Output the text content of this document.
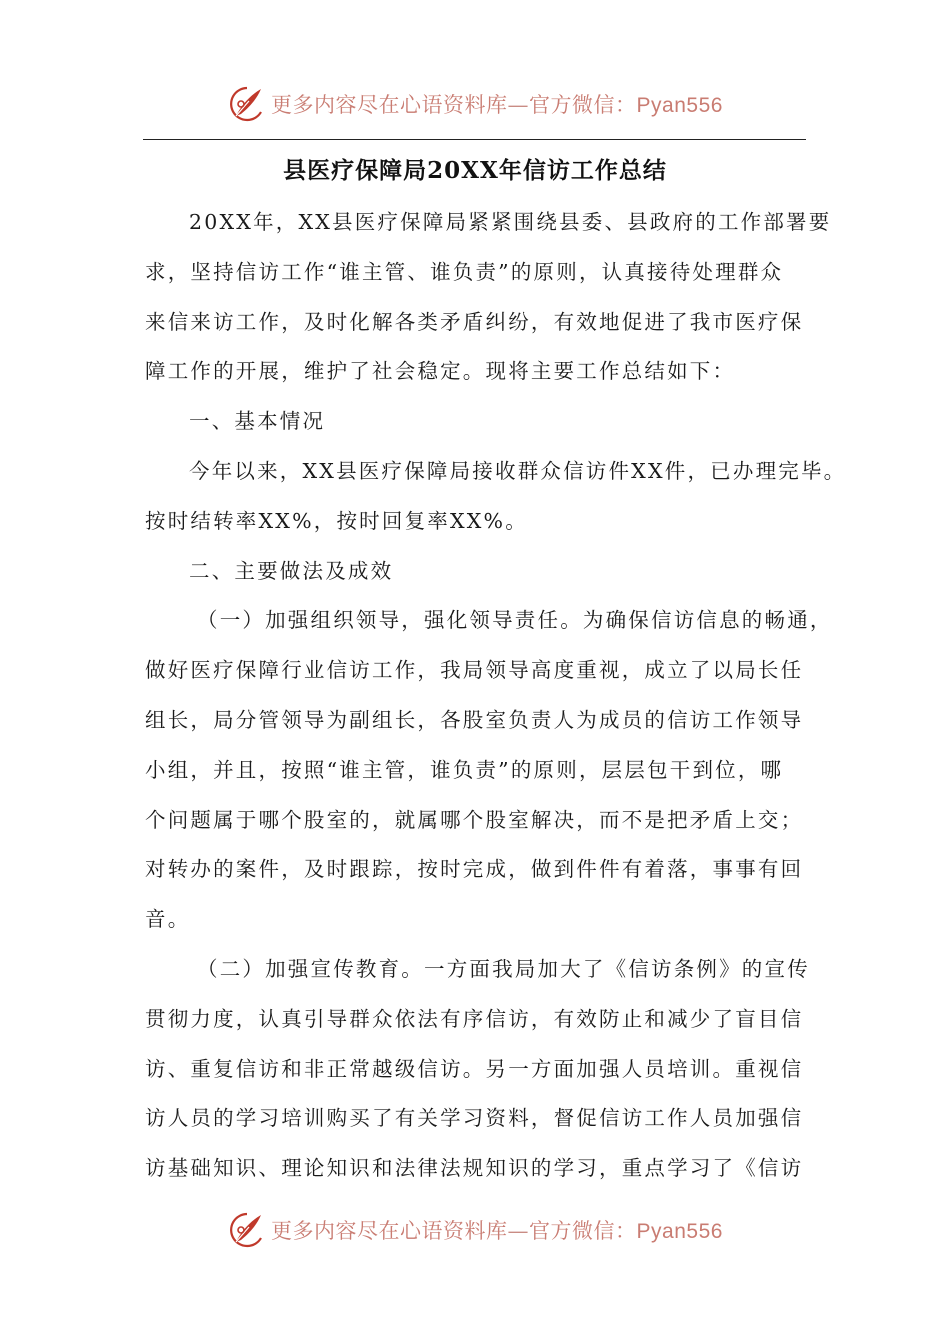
更多内容尽在心语资料库—官方微信：Pyan556
县医疗保障局20XX年信访工作总结
20XX年，XX县医疗保障局紧紧围绕县委、县政府的工作部署要
求，坚持信访工作“谁主管、谁负责”的原则，认真接待处理群众
来信来访工作，及时化解各类矛盾纠纷，有效地促进了我市医疗保
障工作的开展，维护了社会稳定。现将主要工作总结如下：
一、基本情况
今年以来，XX县医疗保障局接收群众信访件XX件，已办理完毕。
按时结转率XX%，按时回复率XX%。
二、主要做法及成效
（一）加强组织领导，强化领导责任。为确保信访信息的畅通，
做好医疗保障行业信访工作，我局领导高度重视，成立了以局长任
组长，局分管领导为副组长，各股室负责人为成员的信访工作领导
小组，并且，按照“谁主管，谁负责”的原则，层层包干到位，哪
个问题属于哪个股室的，就属哪个股室解决，而不是把矛盾上交；
对转办的案件，及时跟踪，按时完成，做到件件有着落，事事有回
音。
（二）加强宣传教育。一方面我局加大了《信访条例》的宣传
贯彻力度，认真引导群众依法有序信访，有效防止和减少了盲目信
访、重复信访和非正常越级信访。另一方面加强人员培训。重视信
访人员的学习培训购买了有关学习资料，督促信访工作人员加强信
访基础知识、理论知识和法律法规知识的学习，重点学习了《信访
更多内容尽在心语资料库—官方微信：Pyan556
